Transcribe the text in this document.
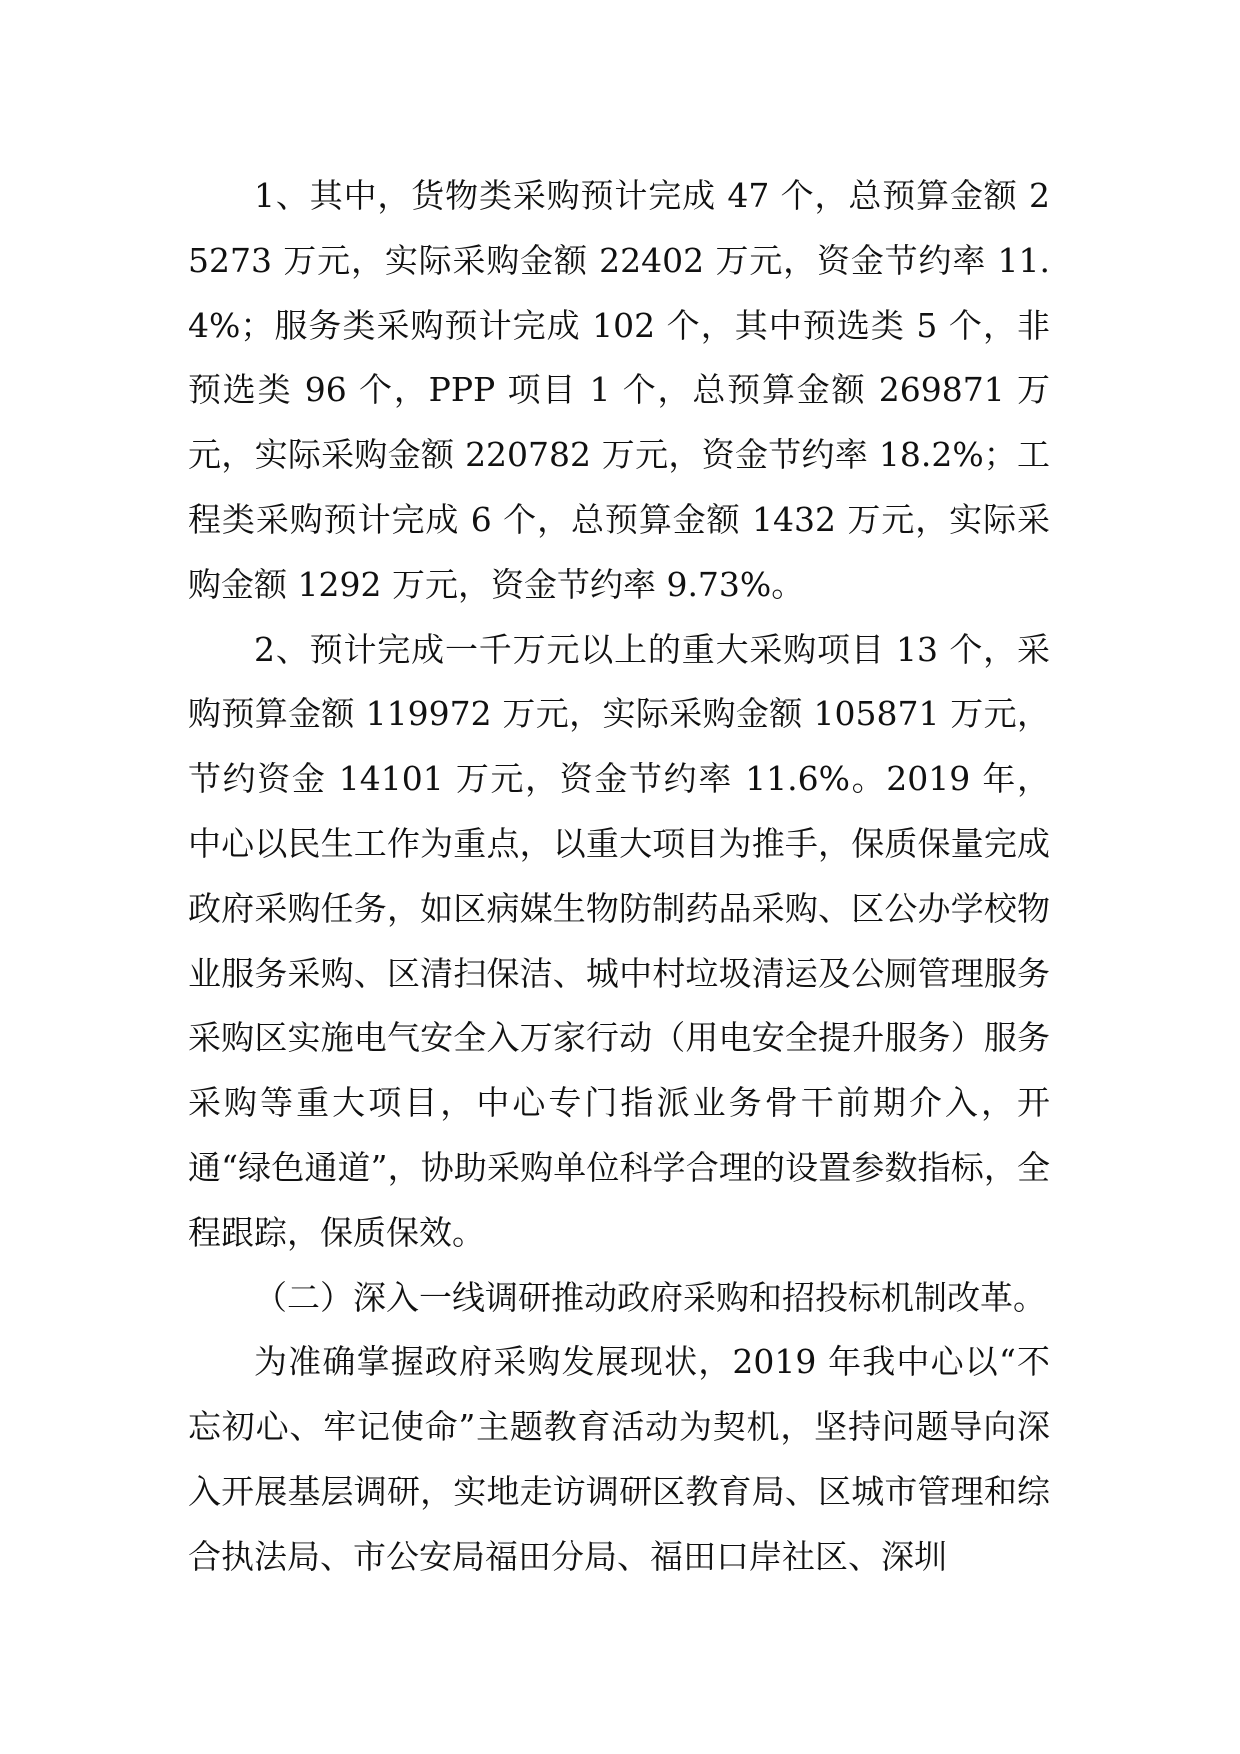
1、其中，货物类采购预计完成 47 个，总预算金额 25273 万元，实际采购金额 22402 万元，资金节约率 11.4%；服务类采购预计完成 102 个，其中预选类 5 个，非预选类 96 个，PPP 项目 1 个，总预算金额 269871 万元，实际采购金额 220782 万元，资金节约率 18.2%；工程类采购预计完成 6 个，总预算金额 1432 万元，实际采购金额 1292 万元，资金节约率 9.73%。

2、预计完成一千万元以上的重大采购项目 13 个，采购预算金额 119972 万元，实际采购金额 105871 万元，节约资金 14101 万元，资金节约率 11.6%。2019 年，中心以民生工作为重点，以重大项目为推手，保质保量完成政府采购任务，如区病媒生物防制药品采购、区公办学校物业服务采购、区清扫保洁、城中村垃圾清运及公厕管理服务采购区实施电气安全入万家行动（用电安全提升服务）服务采购等重大项目，中心专门指派业务骨干前期介入，开通“绿色通道”，协助采购单位科学合理的设置参数指标，全程跟踪，保质保效。

（二）深入一线调研推动政府采购和招投标机制改革。

为准确掌握政府采购发展现状，2019 年我中心以“不忘初心、牢记使命”主题教育活动为契机，坚持问题导向深入开展基层调研，实地走访调研区教育局、区城市管理和综合执法局、市公安局福田分局、福田口岸社区、深圳
